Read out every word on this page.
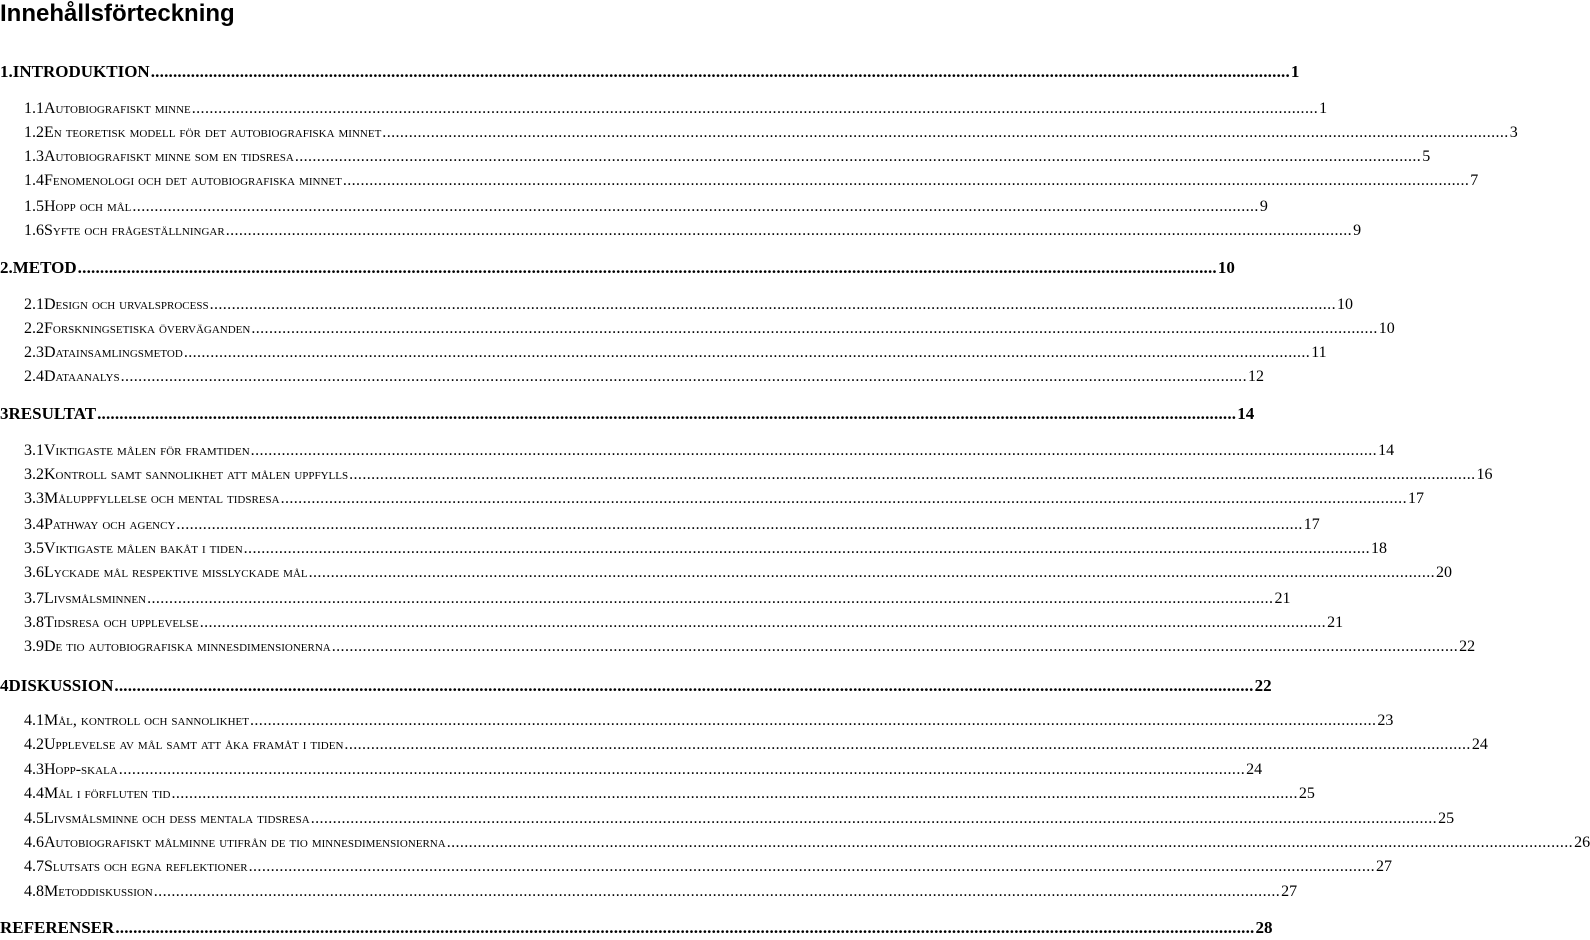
Innehållsförteckning
1. INTRODUKTION .....	1
1.1 Autobiografiskt minne .....	1
1.2 En teoretisk modell för det autobiografiska minnet .....	3
1.3 Autobiografiskt minne som en tidsresa .....	5
1.4 Fenomenologi och det autobiografiska minnet .....	7
1.5 Hopp och mål .....	9
1.6 Syfte och frågeställningar .....	9
2. METOD .....	10
2.1 Design och urvalsprocess .....	10
2.2 Forskningsetiska överväganden .....	10
2.3 Datainsamlingsmetod .....	11
2.4 Dataanalys .....	12
3 RESULTAT .....	14
3.1 Viktigaste målen för framtiden .....	14
3.2 Kontroll samt sannolikhet att målen uppfylls .....	16
3.3 Måluppfyllelse och mental tidsresa .....	17
3.4 Pathway och agency .....	17
3.5 Viktigaste målen bakåt i tiden .....	18
3.6 Lyckade mål respektive misslyckade mål .....	20
3.7 Livsmålsminnen .....	21
3.8 Tidsresa och upplevelse .....	21
3.9 De tio autobiografiska minnesdimensionerna .....	22
4 DISKUSSION .....	22
4.1 Mål, kontroll och sannolikhet .....	23
4.2 Upplevelse av mål samt att åka framåt i tiden .....	24
4.3 Hopp-skala .....	24
4.4 Mål i förfluten tid .....	25
4.5 Livsmålsminne och dess mentala tidsresa .....	25
4.6 Autobiografiskt målminne utifrån de tio minnesdimensionerna .....	26
4.7 Slutsats och egna reflektioner .....	27
4.8 Metoddiskussion .....	27
REFERENSER .....	28
